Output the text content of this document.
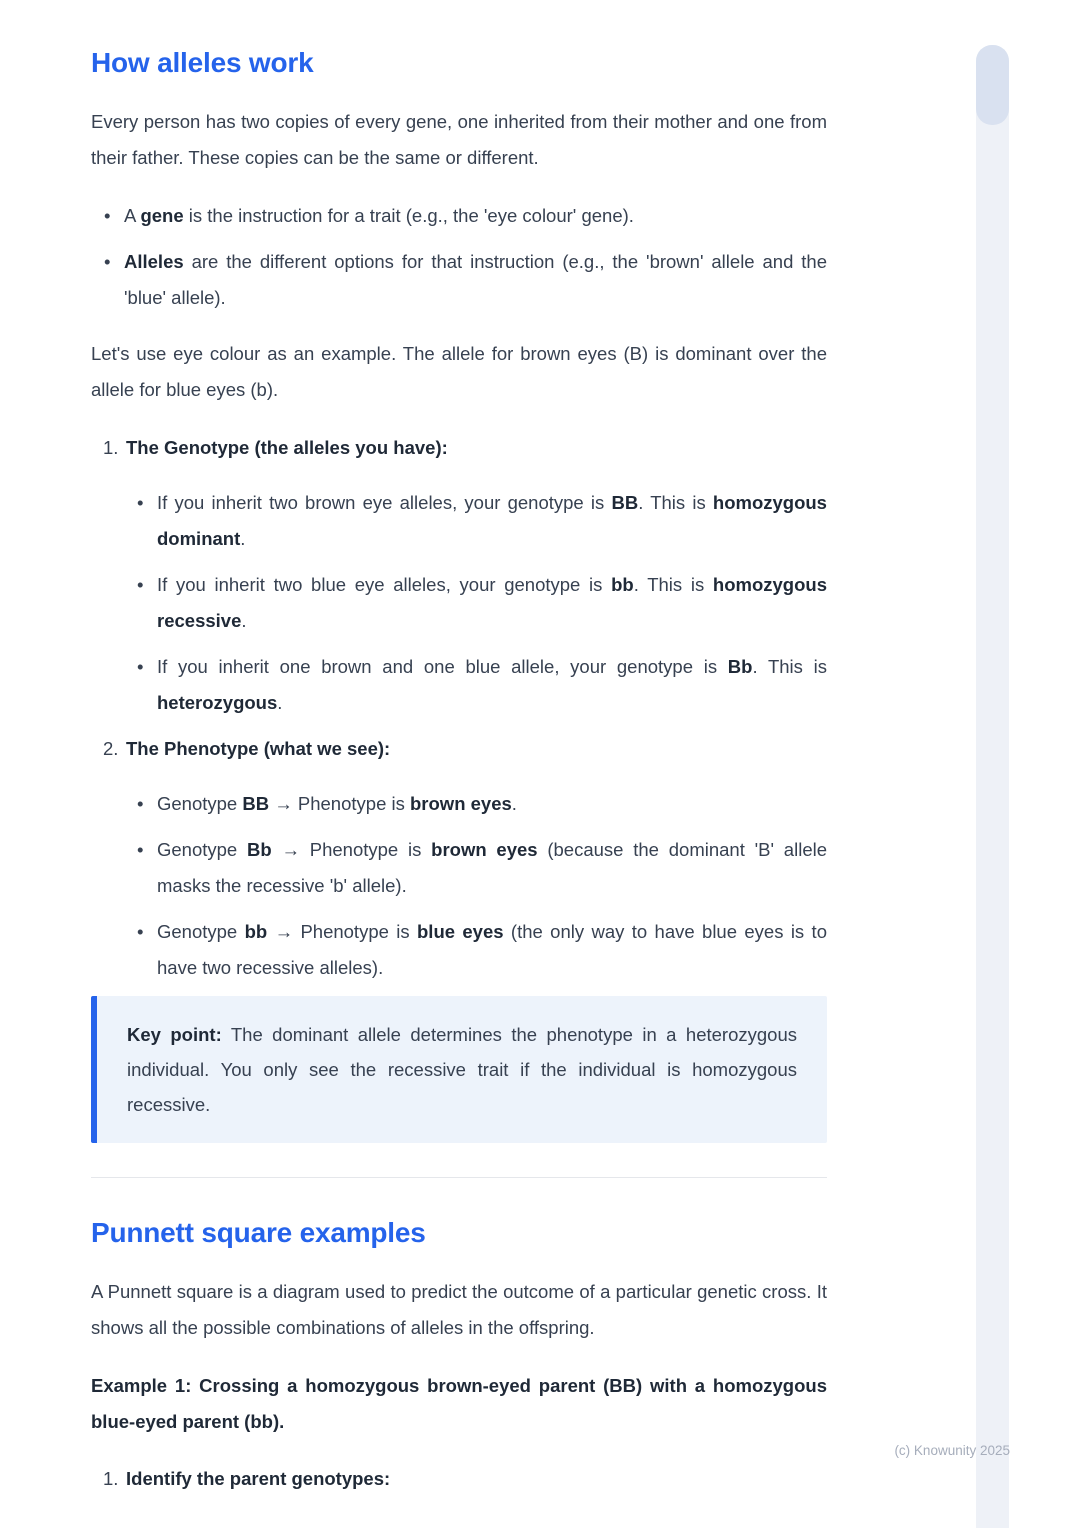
How alleles work

Every person has two copies of every gene, one inherited from their mother and one from their father. These copies can be the same or different.

• A gene is the instruction for a trait (e.g., the 'eye colour' gene).
• Alleles are the different options for that instruction (e.g., the 'brown' allele and the 'blue' allele).

Let's use eye colour as an example. The allele for brown eyes (B) is dominant over the allele for blue eyes (b).

1. The Genotype (the alleles you have):
• If you inherit two brown eye alleles, your genotype is BB. This is homozygous dominant.
• If you inherit two blue eye alleles, your genotype is bb. This is homozygous recessive.
• If you inherit one brown and one blue allele, your genotype is Bb. This is heterozygous.
2. The Phenotype (what we see):
• Genotype BB → Phenotype is brown eyes.
• Genotype Bb → Phenotype is brown eyes (because the dominant 'B' allele masks the recessive 'b' allele).
• Genotype bb → Phenotype is blue eyes (the only way to have blue eyes is to have two recessive alleles).

Key point: The dominant allele determines the phenotype in a heterozygous individual. You only see the recessive trait if the individual is homozygous recessive.

Punnett square examples

A Punnett square is a diagram used to predict the outcome of a particular genetic cross. It shows all the possible combinations of alleles in the offspring.

Example 1: Crossing a homozygous brown-eyed parent (BB) with a homozygous blue-eyed parent (bb).

1. Identify the parent genotypes:
(c) Knowunity 2025
